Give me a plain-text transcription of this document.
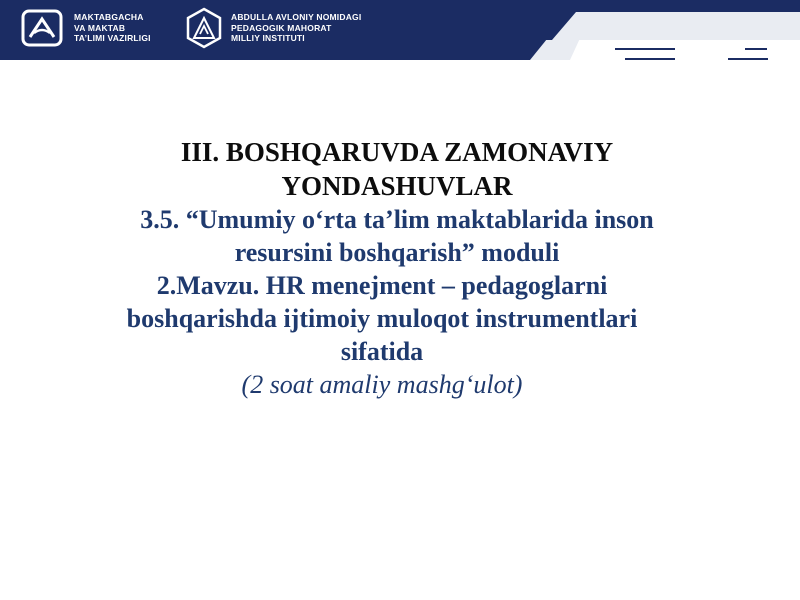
MAKTABGACHA
VA MAKTAB
TA’LIMI VAZIRLIGI
ABDULLA AVLONIY NOMIDAGI
PEDAGOGIK MAHORAT
MILLIY INSTITUTI
III. BOSHQARUVDA ZAMONAVIY
YONDASHUVLAR
3.5. “Umumiy o‘rta ta’lim maktablarida inson
resursini boshqarish” moduli
2.Mavzu. HR menejment – pedagoglarni
boshqarishda ijtimoiy muloqot instrumentlari
sifatida
(2 soat amaliy mashg‘ulot)
